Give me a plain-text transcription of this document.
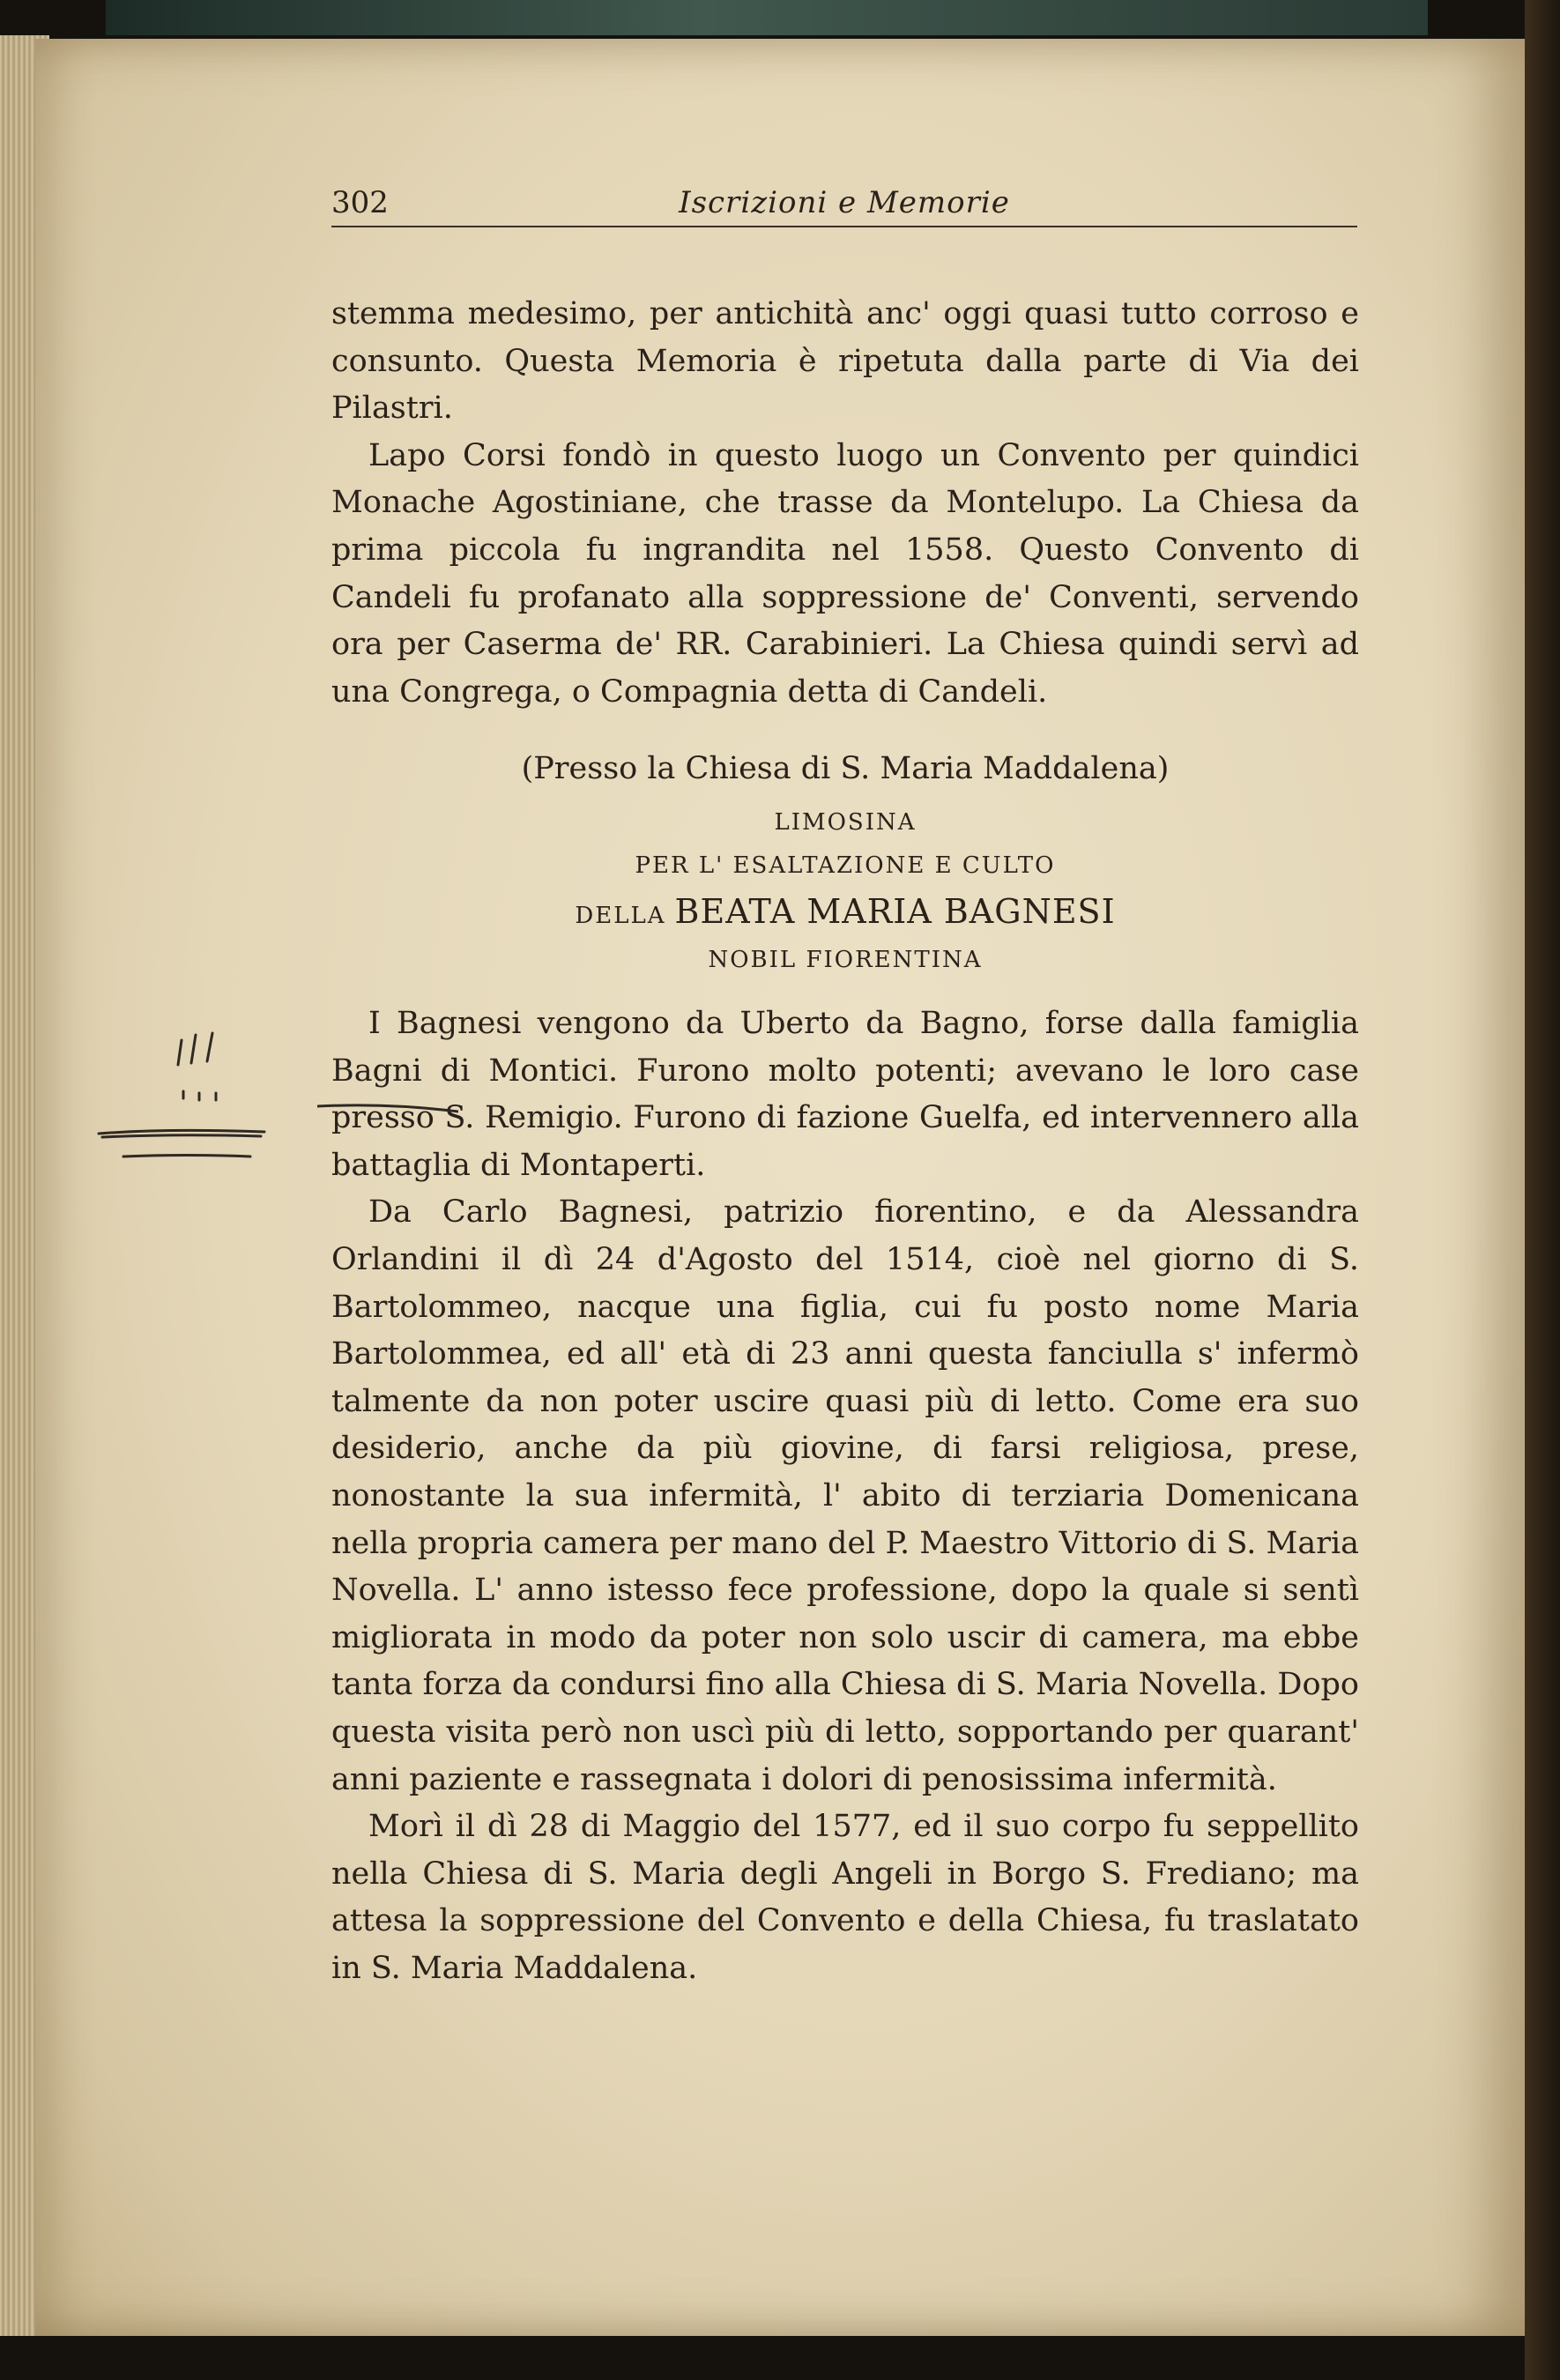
302	Iscrizioni e Memorie

stemma medesimo, per antichità anc' oggi quasi tutto corroso e consunto. Questa Memoria è ripetuta dalla parte di Via dei Pilastri.

Lapo Corsi fondò in questo luogo un Convento per quindici Monache Agostiniane, che trasse da Montelupo. La Chiesa da prima piccola fu ingrandita nel 1558. Questo Convento di Candeli fu profanato alla soppressione de' Conventi, servendo ora per Caserma de' RR. Carabinieri. La Chiesa quindi servì ad una Congrega, o Compagnia detta di Candeli.

(Presso la Chiesa di S. Maria Maddalena)

LIMOSINA
PER L' ESALTAZIONE E CULTO
DELLA BEATA MARIA BAGNESI
NOBIL FIORENTINA

I Bagnesi vengono da Uberto da Bagno, forse dalla famiglia Bagni di Montici. Furono molto potenti; avevano le loro case presso S. Remigio. Furono di fazione Guelfa, ed intervennero alla battaglia di Montaperti.

Da Carlo Bagnesi, patrizio fiorentino, e da Alessandra Orlandini il dì 24 d'Agosto del 1514, cioè nel giorno di S. Bartolommeo, nacque una figlia, cui fu posto nome Maria Bartolommea, ed all' età di 23 anni questa fanciulla s' infermò talmente da non poter uscire quasi più di letto. Come era suo desiderio, anche da più giovine, di farsi religiosa, prese, nonostante la sua infermità, l' abito di terziaria Domenicana nella propria camera per mano del P. Maestro Vittorio di S. Maria Novella. L' anno istesso fece professione, dopo la quale si sentì migliorata in modo da poter non solo uscir di camera, ma ebbe tanta forza da condursi fino alla Chiesa di S. Maria Novella. Dopo questa visita però non uscì più di letto, sopportando per quarant' anni paziente e rassegnata i dolori di penosissima infermità.

Morì il dì 28 di Maggio del 1577, ed il suo corpo fu seppellito nella Chiesa di S. Maria degli Angeli in Borgo S. Frediano; ma attesa la soppressione del Convento e della Chiesa, fu traslatato in S. Maria Maddalena.
